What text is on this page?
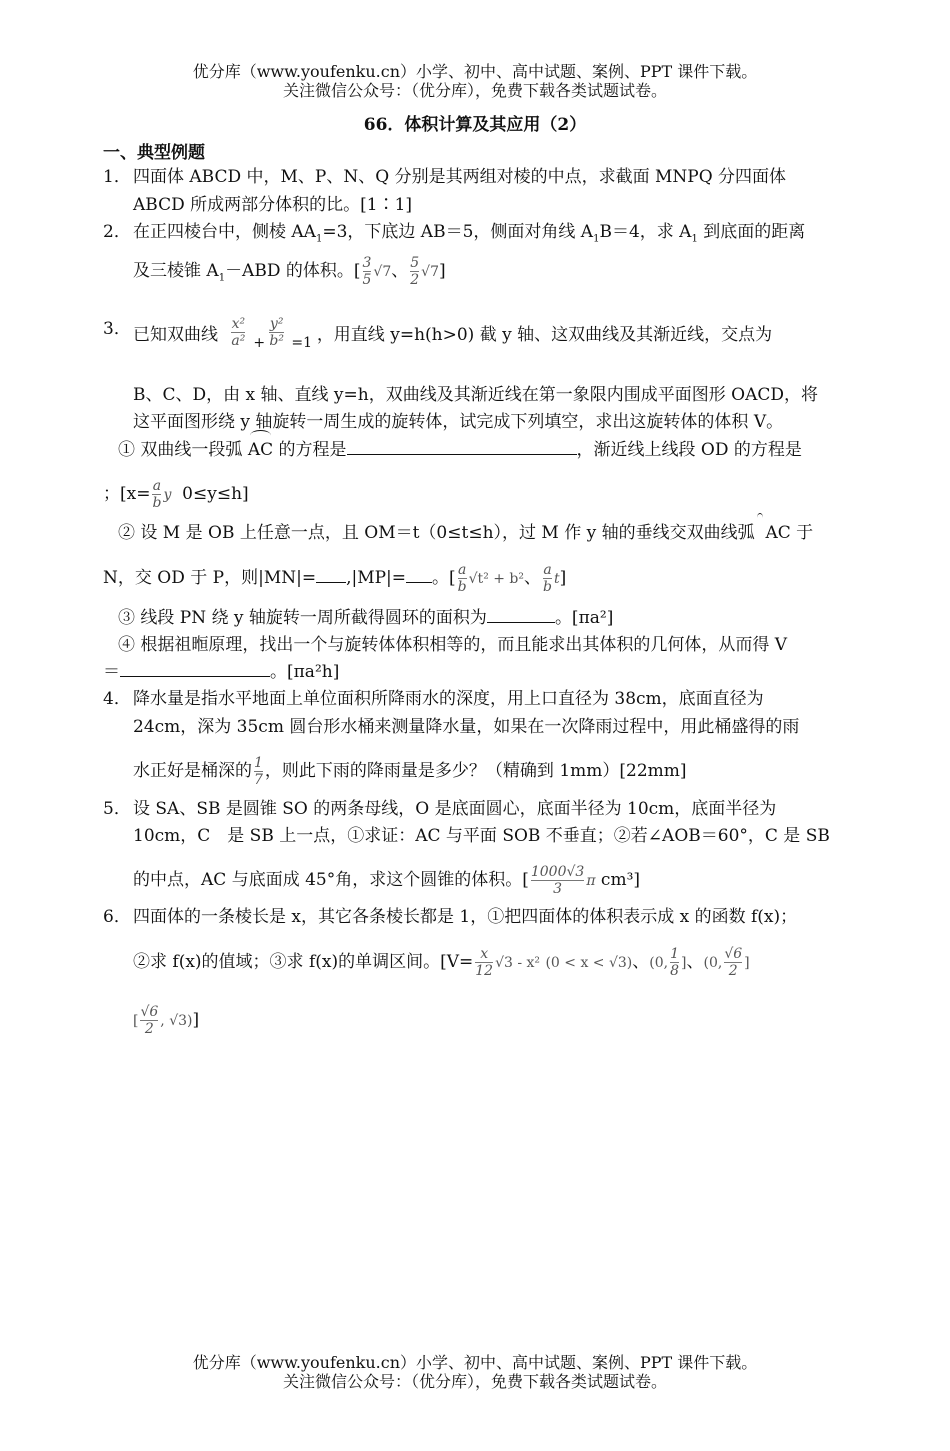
优分库（www.youfenku.cn）小学、初中、高中试题、案例、PPT 课件下载。
关注微信公众号：（优分库），免费下载各类试题试卷。
66．体积计算及其应用（2）
一、典型例题
1． 四面体 ABCD 中，M、P、N、Q 分别是其两组对棱的中点，求截面 MNPQ 分四面体
ABCD 所成两部分体积的比。[1∶1]
2． 在正四棱台中，侧棱 $AA_1=3$，下底边 AB＝5，侧面对角线 $A_1B=4$，求 $A_1$ 到底面的距离
及三棱锥 $A_1-ABD$ 的体积。[ $\frac{3}{5} √7$、 $\frac{5}{2} √7$]
3． 已知双曲线
x²
a² +
y²
b² =1 ，用直线 y=h(h>0) 截 y 轴、这双曲线及其渐近线，交点为
B、C、D，由 x 轴、直线 y=h，双曲线及其渐近线在第一象限内围成平面图形 OACD，将
这平面图形绕 y 轴旋转一周生成的旋转体，试完成下列填空，求出这旋转体的体积 V。
① 双曲线一段弧 AC 的方程是	，渐近线上线段 OD 的方程是
；[$x= \frac{a}{b}$ y 0≤y≤h]
② 设 M 是 OB 上任意一点，且 OM＝t（0≤t≤h），过 M 作 y 轴的垂线交双曲线弧 AC 于
N，交 OD 于 P，则|MN|= ,|MP|= 。[ $\frac{a}{b} √t^2 + b^2$、 $\frac{a}{b} t$]
③ 线段 PN 绕 y 轴旋转一周所截得圆环的面积为	。[πa²]
④ 根据祖暅原理，找出一个与旋转体体积相等的，而且能求出其体积的几何体，从而得 V
＝	。[πa²h]
4． 降水量是指水平地面上单位面积所降雨水的深度，用上口直径为 38cm，底面直径为
24cm，深为 35cm 圆台形水桶来测量降水量，如果在一次降雨过程中，用此桶盛得的雨
水正好是桶深的 $\frac{1}{7}$ ，则此下雨的降雨量是多少？（精确到 1mm）[22mm]
5． 设 SA、SB 是圆锥 SO 的两条母线，O 是底面圆心，底面半径为 10cm，底面半径为
10cm，C　是 SB 上一点，①求证：AC 与平面 SOB 不垂直；②若∠AOB＝60°，C 是 SB
的中点，AC 与底面成 45°角，求这个圆锥的体积。[ $\frac{1000√3}{3}$ π cm³]
6． 四面体的一条棱长是 x，其它各条棱长都是 1，①把四面体的体积表示成 x 的函数 f(x)；
②求 f(x)的值域；③求 f(x)的单调区间。[$V= \frac{x}{12} √3 - x^2$ (0 < x < √3)、(0, $\frac{1}{8}$ ]、(0, $\frac{√6}{2}$ ]
[ $\frac{√6}{2}$ , √3)]
优分库（www.youfenku.cn）小学、初中、高中试题、案例、PPT 课件下载。
关注微信公众号：（优分库），免费下载各类试题试卷。
